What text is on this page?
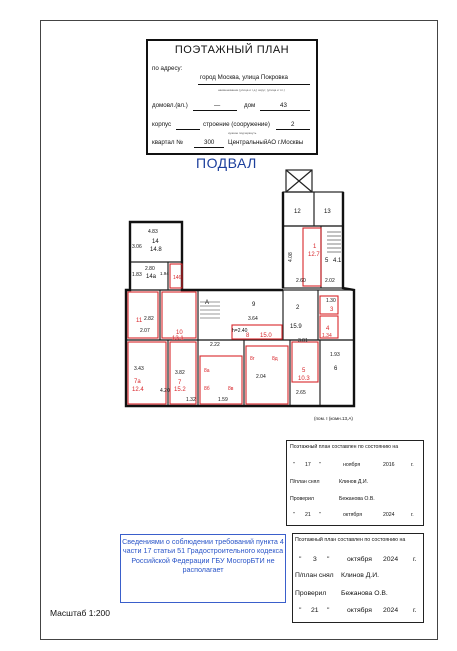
ПОЭТАЖНЫЙ ПЛАН
по адресу:
город Москва, улица Покровка
наименование (улица и т.д.) округ; (улица и т.п.)
домовл.(вл.)	—	дом	43
корпус	строение (сооружение)	2
нужное подчеркнуть
квартал №	300 ЦентральныйАО г.Москвы
ПОДВАЛ
12	13
4.08
2.60
5 4.1
2.02
4.83
14
14.8
3.06
1.83
2.80
14а
1.94
А	9
3.64
2
15.9
3.01
1.30
2.07
2.82
h=2.40
2.22
3.82
3.43
1.93
6
4.20
1.32	1.59
2.65
2.04
1
12.7
146
3
4
1.34
11
10
13.1	8 15.0
7
15.2
7а
12.4
8а
8б	8в
8г	8д
5
10.3
(пом. I (комн.13,А)
Поэтажный план составлен по состоянию на
" 17 "	ноября	2016	г.
П/план снял	Клинов Д.И.
Проверил	Бежанова О.В.
" 21 "	октября	2024	г.
Сведениями о соблюдении требований пункта 4 части 17 статьи 51 Градостроительного кодекса Российской Федерации ГБУ МосгорБТИ не располагает
Поэтажный план составлен по состоянию на
" 3 "	октября 2024 г.
П/план снял Клинов Д.И.
Проверил Бежанова О.В.
" 21 "	октября 2024 г.
Масштаб 1:200
